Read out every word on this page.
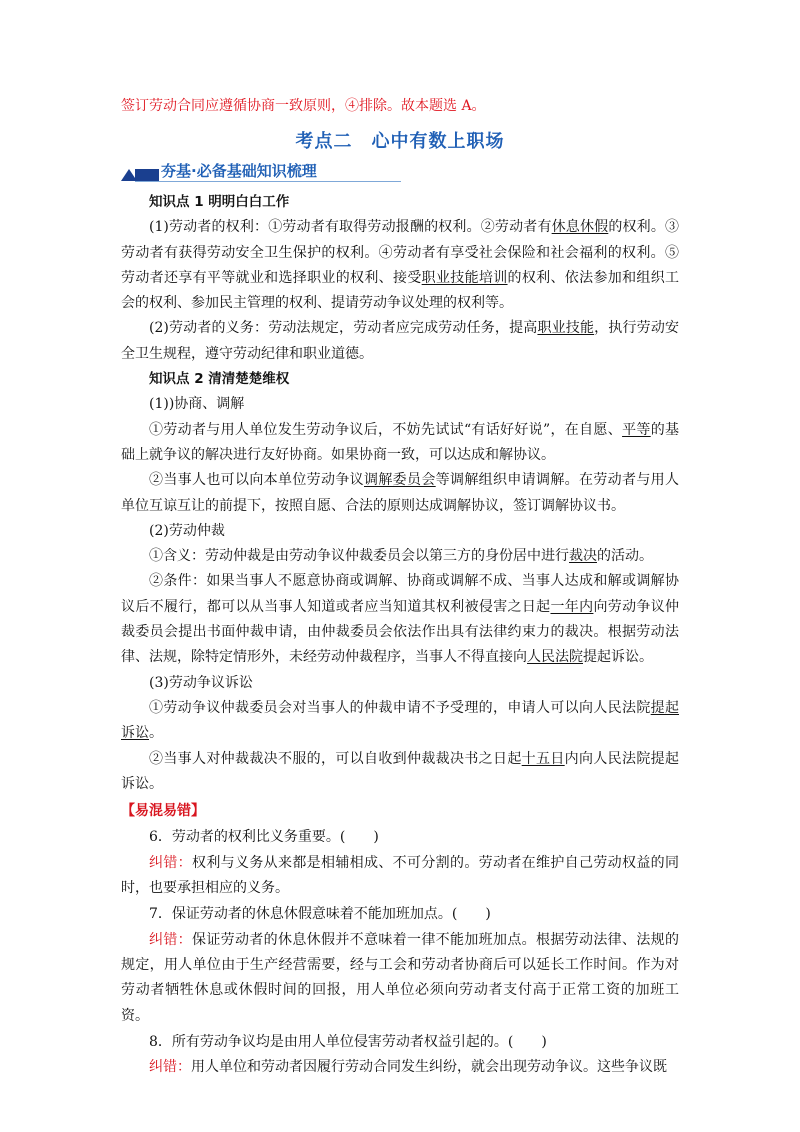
签订劳动合同应遵循协商一致原则，④排除。故本题选 A。
考点二　心中有数上职场
夯基·必备基础知识梳理

知识点 1 明明白白工作

(1)劳动者的权利：①劳动者有取得劳动报酬的权利。②劳动者有休息休假的权利。③劳动者有获得劳动安全卫生保护的权利。④劳动者有享受社会保险和社会福利的权利。⑤劳动者还享有平等就业和选择职业的权利、接受职业技能培训的权利、依法参加和组织工会的权利、参加民主管理的权利、提请劳动争议处理的权利等。

(2)劳动者的义务：劳动法规定，劳动者应完成劳动任务，提高职业技能，执行劳动安全卫生规程，遵守劳动纪律和职业道德。

知识点 2 清清楚楚维权

(1))协商、调解

①劳动者与用人单位发生劳动争议后，不妨先试试“有话好好说”，在自愿、平等的基础上就争议的解决进行友好协商。如果协商一致，可以达成和解协议。

②当事人也可以向本单位劳动争议调解委员会等调解组织申请调解。在劳动者与用人单位互谅互让的前提下，按照自愿、合法的原则达成调解协议，签订调解协议书。

(2)劳动仲裁

①含义：劳动仲裁是由劳动争议仲裁委员会以第三方的身份居中进行裁决的活动。

②条件：如果当事人不愿意协商或调解、协商或调解不成、当事人达成和解或调解协议后不履行，都可以从当事人知道或者应当知道其权利被侵害之日起一年内向劳动争议仲裁委员会提出书面仲裁申请，由仲裁委员会依法作出具有法律约束力的裁决。根据劳动法律、法规，除特定情形外，未经劳动仲裁程序，当事人不得直接向人民法院提起诉讼。

(3)劳动争议诉讼

①劳动争议仲裁委员会对当事人的仲裁申请不予受理的，申请人可以向人民法院提起诉讼。

②当事人对仲裁裁决不服的，可以自收到仲裁裁决书之日起十五日内向人民法院提起诉讼。

【易混易错】

6．劳动者的权利比义务重要。(　　)

纠错：权利与义务从来都是相辅相成、不可分割的。劳动者在维护自己劳动权益的同时，也要承担相应的义务。

7．保证劳动者的休息休假意味着不能加班加点。(　　)

纠错：保证劳动者的休息休假并不意味着一律不能加班加点。根据劳动法律、法规的规定，用人单位由于生产经营需要，经与工会和劳动者协商后可以延长工作时间。作为对劳动者牺牲休息或休假时间的回报，用人单位必须向劳动者支付高于正常工资的加班工资。

8．所有劳动争议均是由用人单位侵害劳动者权益引起的。(　　)

纠错：用人单位和劳动者因履行劳动合同发生纠纷，就会出现劳动争议。这些争议既
